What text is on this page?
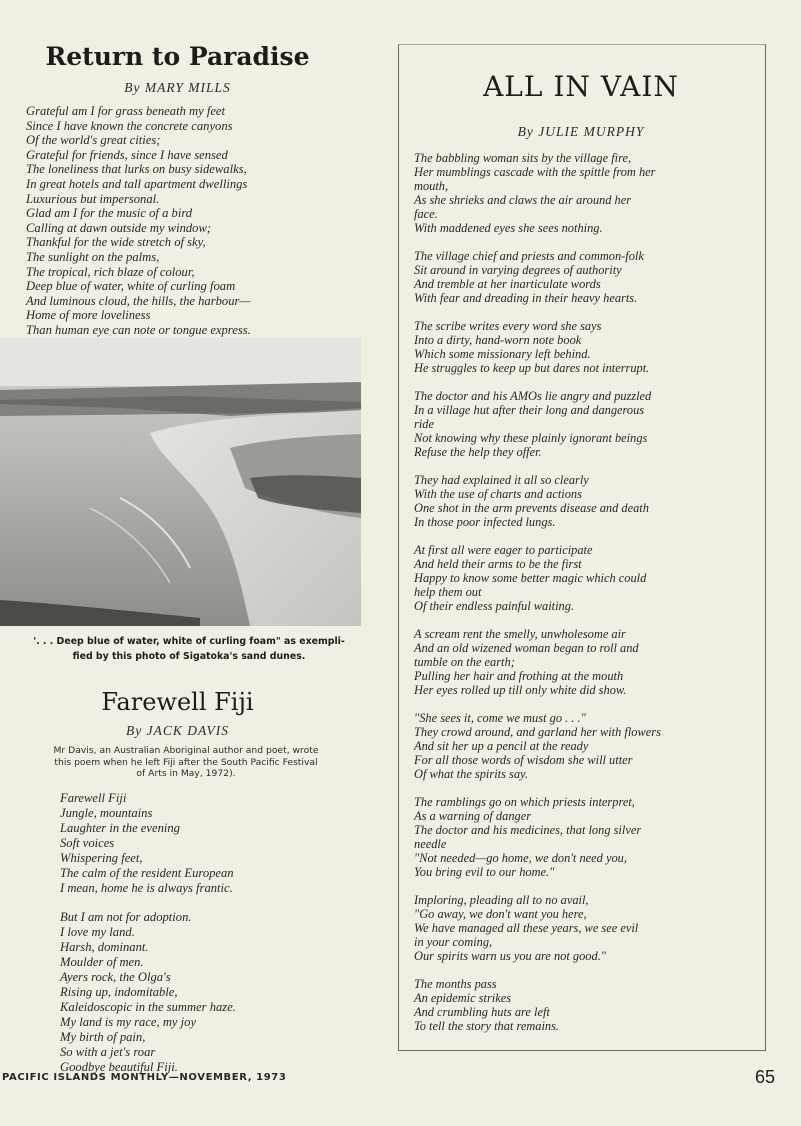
Return to Paradise
By MARY MILLS
Grateful am I for grass beneath my feet
Since I have known the concrete canyons
Of the world's great cities;
Grateful for friends, since I have sensed
The loneliness that lurks on busy sidewalks,
In great hotels and tall apartment dwellings
Luxurious but impersonal.
Glad am I for the music of a bird
Calling at dawn outside my window;
Thankful for the wide stretch of sky,
The sunlight on the palms,
The tropical, rich blaze of colour,
Deep blue of water, white of curling foam
And luminous cloud, the hills, the harbour—
Home of more loveliness
Than human eye can note or tongue express.
'. . . Deep blue of water, white of curling foam" as exempli-
fied by this photo of Sigatoka's sand dunes.
Farewell Fiji
By JACK DAVIS
Mr Davis, an Australian Aboriginal author and poet, wrote
this poem when he left Fiji after the South Pacific Festival
of Arts in May, 1972).
Farewell Fiji
Jungle, mountains
Laughter in the evening
Soft voices
Whispering feet,
The calm of the resident European
I mean, home he is always frantic.
But I am not for adoption.
I love my land.
Harsh, dominant.
Moulder of men.
Ayers rock, the Olga's
Rising up, indomitable,
Kaleidoscopic in the summer haze.
My land is my race, my joy
My birth of pain,
So with a jet's roar
Goodbye beautiful Fiji.
ALL IN VAIN
By JULIE MURPHY
The babbling woman sits by the village fire,
Her mumblings cascade with the spittle from her
mouth,
As she shrieks and claws the air around her
face.
With maddened eyes she sees nothing.
The village chief and priests and common-folk
Sit around in varying degrees of authority
And tremble at her inarticulate words
With fear and dreading in their heavy hearts.
The scribe writes every word she says
Into a dirty, hand-worn note book
Which some missionary left behind.
He struggles to keep up but dares not interrupt.
The doctor and his AMOs lie angry and puzzled
In a village hut after their long and dangerous
ride
Not knowing why these plainly ignorant beings
Refuse the help they offer.
They had explained it all so clearly
With the use of charts and actions
One shot in the arm prevents disease and death
In those poor infected lungs.
At first all were eager to participate
And held their arms to be the first
Happy to know some better magic which could
help them out
Of their endless painful waiting.
A scream rent the smelly, unwholesome air
And an old wizened woman began to roll and
tumble on the earth;
Pulling her hair and frothing at the mouth
Her eyes rolled up till only white did show.
"She sees it, come we must go . . ."
They crowd around, and garland her with flowers
And sit her up a pencil at the ready
For all those words of wisdom she will utter
Of what the spirits say.
The ramblings go on which priests interpret,
As a warning of danger
The doctor and his medicines, that long silver
needle
"Not needed—go home, we don't need you,
You bring evil to our home."
Imploring, pleading all to no avail,
"Go away, we don't want you here,
We have managed all these years, we see evil
in your coming,
Our spirits warn us you are not good."
The months pass
An epidemic strikes
And crumbling huts are left
To tell the story that remains.
PACIFIC ISLANDS MONTHLY—NOVEMBER, 1973	65
